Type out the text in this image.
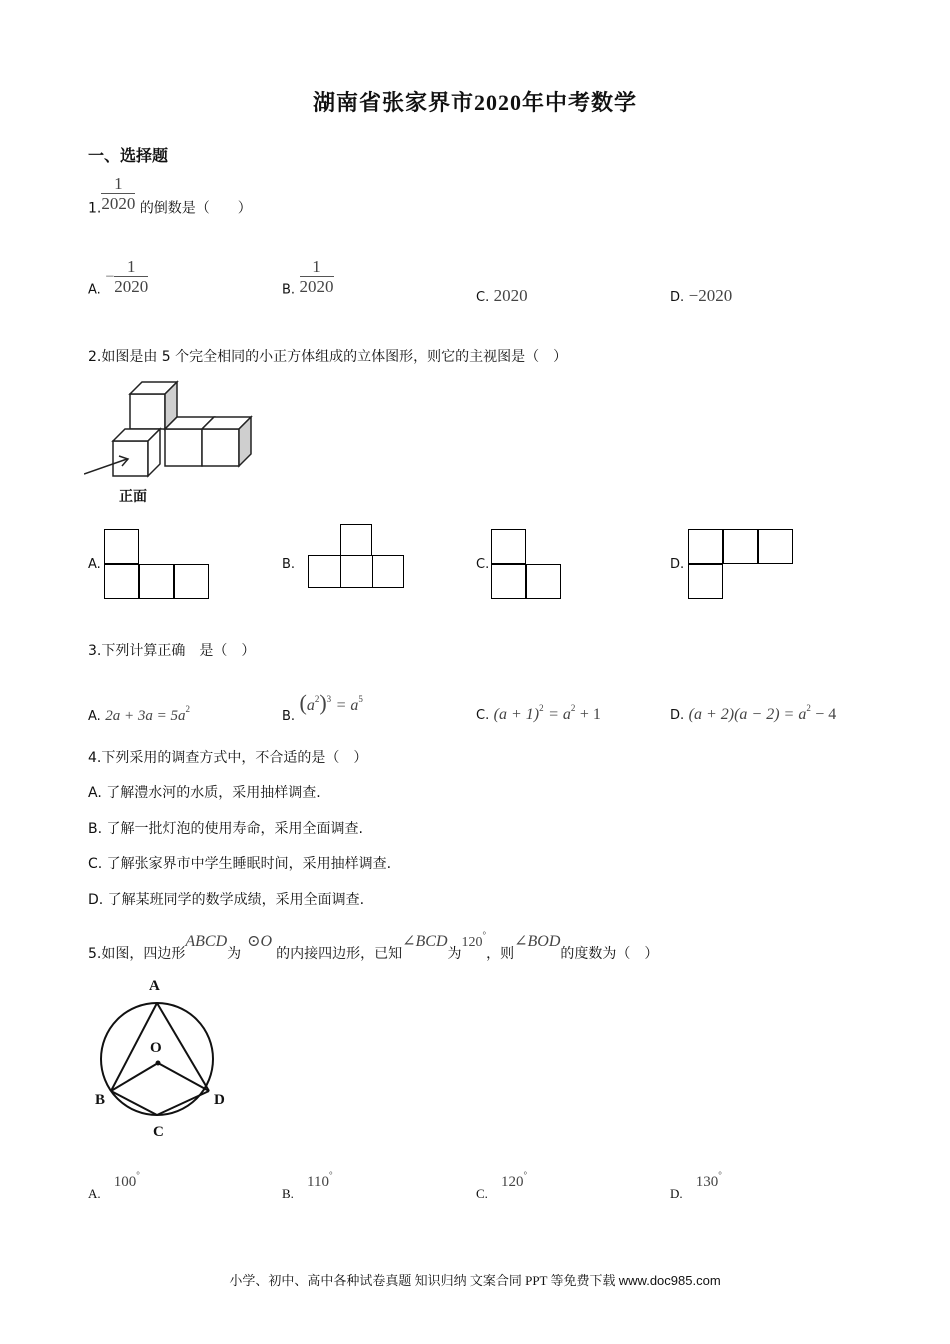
湖南省张家界市2020年中考数学
一、选择题
1. $\frac{1}{2020}$ 的倒数是（　　）
A. − $\frac{1}{2020}$	B. $\frac{1}{2020}$
C. 2020	D. −2020
2.如图是由 5 个完全相同的小正方体组成的立体图形，则它的主视图是（　）
正面
A.	B.	C.	D.
3.下列计算正确　是（　）
A. $2a + 3a = 5a^2$	B. $(a^2)^3 = a^5$
C. $(a + 1)^2 = a^2 + 1$	D. $(a + 2)(a - 2) = a^2 - 4$
4.下列采用的调查方式中，不合适的是（　）
A. 了解澧水河的水质，采用抽样调查.
B. 了解一批灯泡的使用寿命，采用全面调查.
C. 了解张家界市中学生睡眠时间，采用抽样调查.
D. 了解某班同学的数学成绩，采用全面调查.
5.如图，四边形ABCD为⊙O的内接四边形，已知∠BCD为120°，则∠BOD的度数为（　）
A
O
B	D
C
$_{A.}$ 100°
$_{B.}$ 110°
$_{C.}$ 120°
$_{D.}$ 130°
小学、初中、高中各种试卷真题 知识归纳 文案合同 PPT 等免费下载 www.doc985.com
